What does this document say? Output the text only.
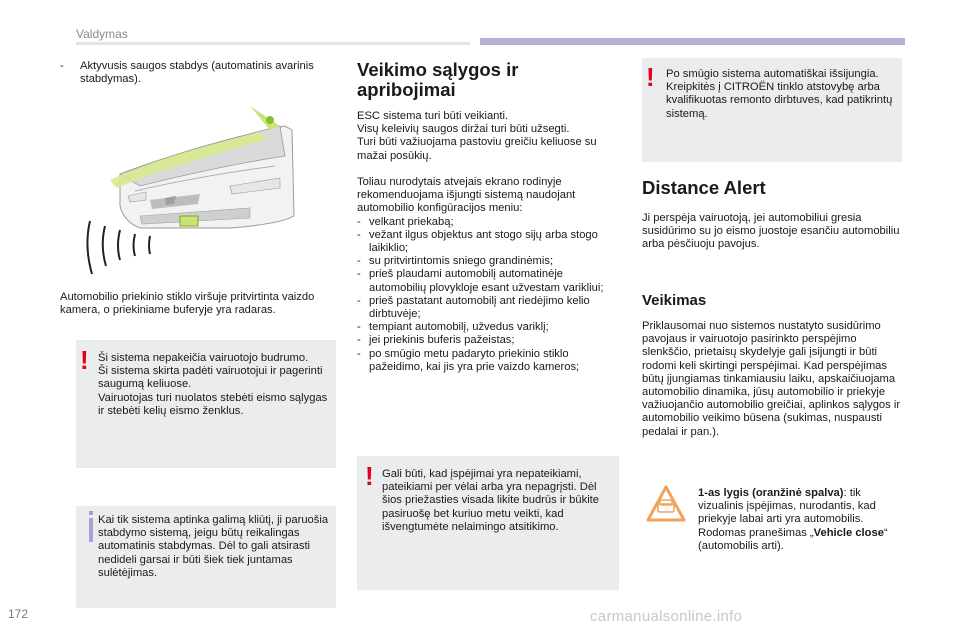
Valdymas
-	Aktyvusis saugos stabdys (automatinis avarinis stabdymas).
Automobilio priekinio stiklo viršuje pritvirtinta vaizdo kamera, o priekiniame buferyje yra radaras.
! Ši sistema nepakeičia vairuotojo budrumo.
Ši sistema skirta padėti vairuotojui ir pagerinti saugumą keliuose.
Vairuotojas turi nuolatos stebėti eismo sąlygas ir stebėti kelių eismo ženklus.
Kai tik sistema aptinka galimą kliūtį, ji paruošia stabdymo sistemą, jeigu būtų reikalingas automatinis stabdymas. Dėl to gali atsirasti nedideli garsai ir būti šiek tiek juntamas sulėtėjimas.
Veikimo sąlygos ir
apribojimai
ESC sistema turi būti veikianti.
Visų keleivių saugos diržai turi būti užsegti.
Turi būti važiuojama pastoviu greičiu keliuose su mažai posūkių.
Toliau nurodytais atvejais ekrano rodinyje rekomenduojama išjungti sistemą naudojant automobilio konfigūracijos meniu:
- velkant priekabą;
- vežant ilgus objektus ant stogo sijų arba stogo laikiklio;
- su pritvirtintomis sniego grandinėmis;
- prieš plaudami automobilį automatinėje automobilių plovykloje esant užvestam varikliui;
- prieš pastatant automobilį ant riedėjimo kelio dirbtuvėje;
- tempiant automobilį, užvedus variklį;
- jei priekinis buferis pažeistas;
- po smūgio metu padaryto priekinio stiklo pažeidimo, kai jis yra prie vaizdo kameros;
! Gali būti, kad įspėjimai yra nepateikiami, pateikiami per vėlai arba yra nepagrįsti. Dėl šios priežasties visada likite budrūs ir būkite pasiruošę bet kuriuo metu veikti, kad išvengtumėte nelaimingo atsitikimo.
! Po smūgio sistema automatiškai išsijungia. Kreipkitės į CITROËN tinklo atstovybę arba kvalifikuotas remonto dirbtuves, kad patikrintų sistemą.
Distance Alert
Ji perspėja vairuotoją, jei automobiliui gresia susidūrimo su jo eismo juostoje esančiu automobiliu arba pėsčiuoju pavojus.
Veikimas
Priklausomai nuo sistemos nustatyto susidūrimo pavojaus ir vairuotojo pasirinkto perspėjimo slenkščio, prietaisų skydelyje gali įsijungti ir būti rodomi keli skirtingi perspėjimai. Kad perspėjimas būtų įjungiamas tinkamiausiu laiku, apskaičiuojama automobilio dinamika, jūsų automobilio ir priekyje važiuojančio automobilio greičiai, aplinkos sąlygos ir automobilio veikimo būsena (sukimas, nuspausti pedalai ir pan.).
1-as lygis (oranžinė spalva): tik vizualinis įspėjimas, nurodantis, kad priekyje labai arti yra automobilis. Rodomas pranešimas „Vehicle close“ (automobilis arti).
172	carmanualsonline.info
